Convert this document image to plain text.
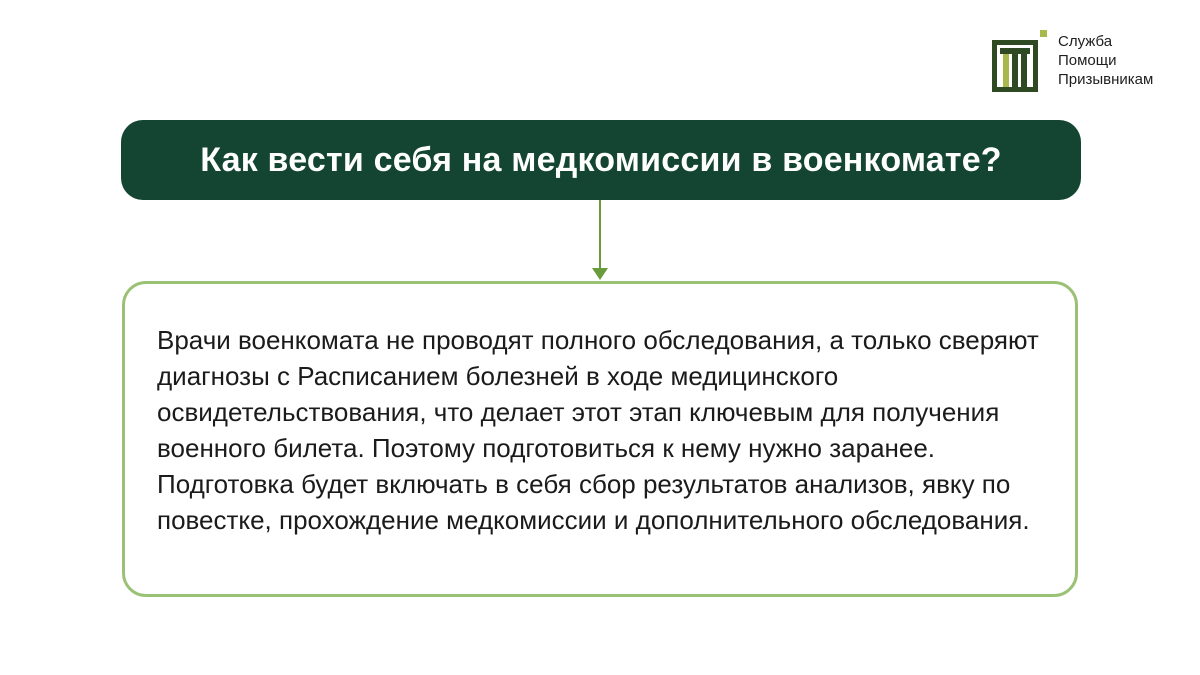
Служба
Помощи
Призывникам
Как вести себя на медкомиссии в военкомате?

Врачи военкомата не проводят полного обследования, а только сверяют диагнозы с Расписанием болезней в ходе медицинского освидетельствования, что делает этот этап ключевым для получения военного билета. Поэтому подготовиться к нему нужно заранее. Подготовка будет включать в себя сбор результатов анализов, явку по повестке, прохождение медкомиссии и дополнительного обследования.
